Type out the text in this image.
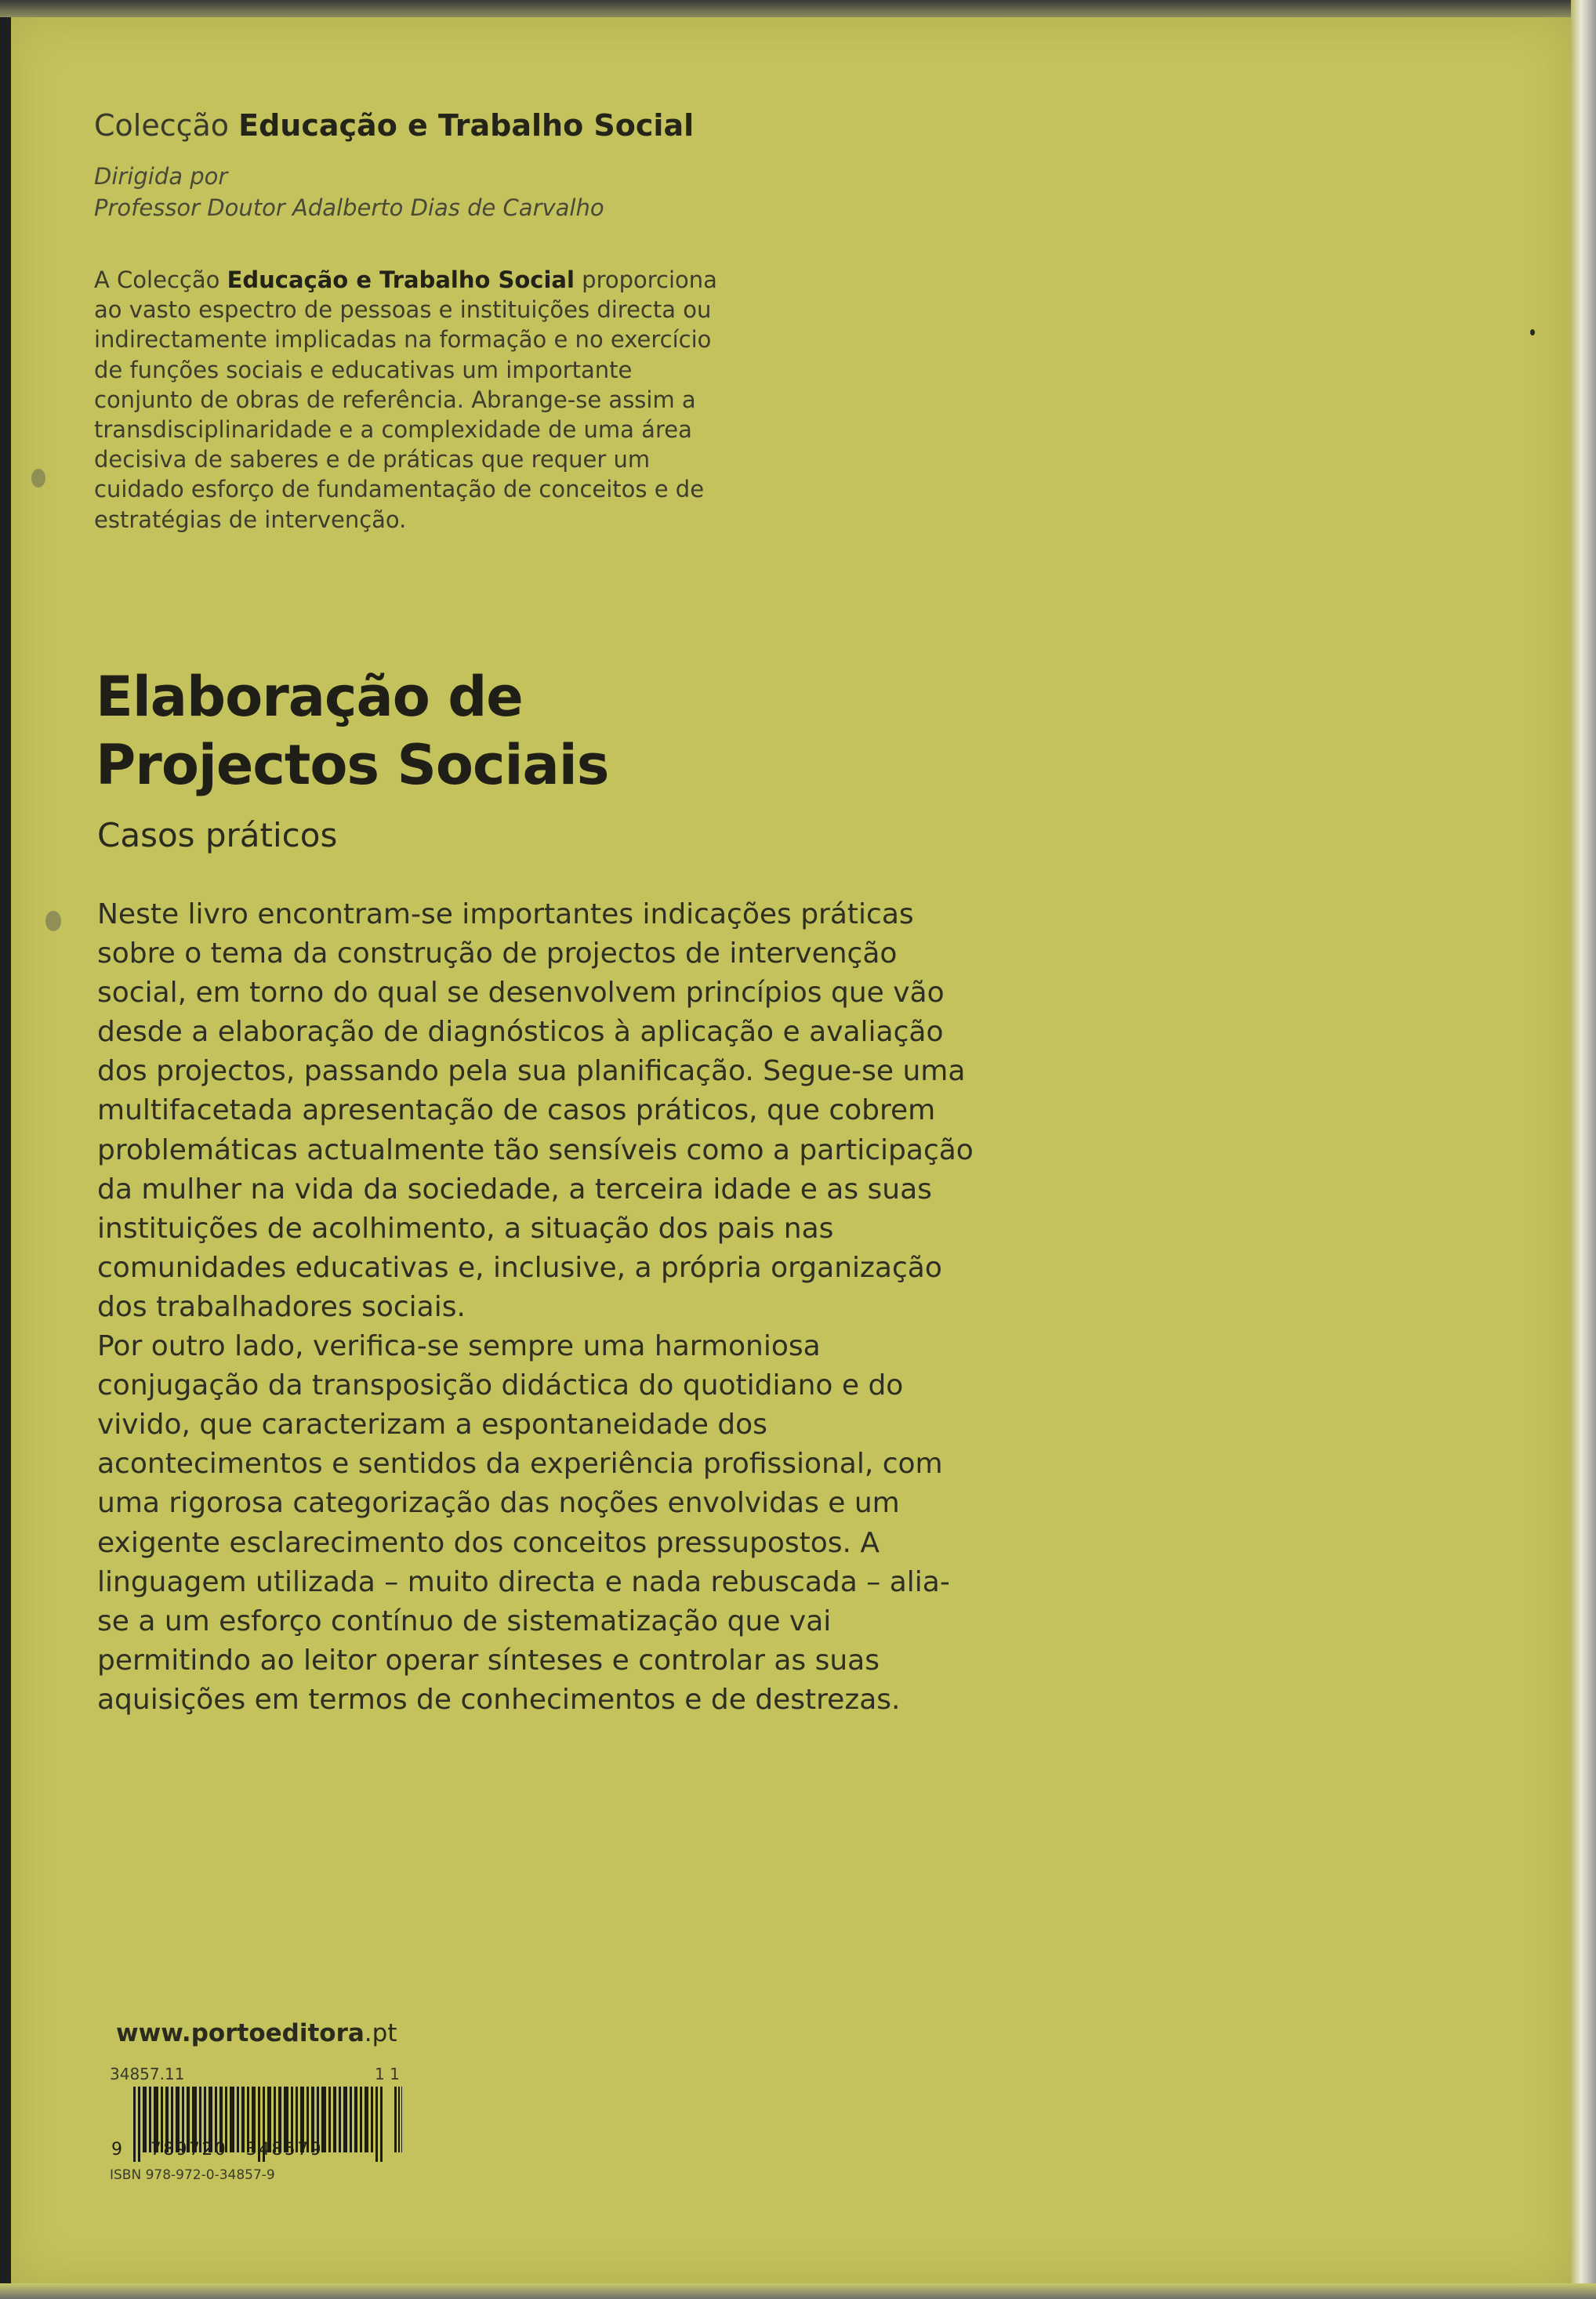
Colecção Educação e Trabalho Social
Dirigida por
Professor Doutor Adalberto Dias de Carvalho
A Colecção Educação e Trabalho Social proporciona ao vasto espectro de pessoas e instituições directa ou indirectamente implicadas na formação e no exercício de funções sociais e educativas um importante conjunto de obras de referência. Abrange-se assim a transdisciplinaridade e a complexidade de uma área decisiva de saberes e de práticas que requer um cuidado esforço de fundamentação de conceitos e de estratégias de intervenção.
Elaboração de
Projectos Sociais
Casos práticos

Neste livro encontram-se importantes indicações práticas sobre o tema da construção de projectos de intervenção social, em torno do qual se desenvolvem princípios que vão desde a elaboração de diagnósticos à aplicação e avaliação dos projectos, passando pela sua planificação. Segue-se uma multifacetada apresentação de casos práticos, que cobrem problemáticas actualmente tão sensíveis como a participação da mulher na vida da sociedade, a terceira idade e as suas instituições de acolhimento, a situação dos pais nas comunidades educativas e, inclusive, a própria organização dos trabalhadores sociais.

Por outro lado, verifica-se sempre uma harmoniosa conjugação da transposição didáctica do quotidiano e do vivido, que caracterizam a espontaneidade dos acontecimentos e sentidos da experiência profissional, com uma rigorosa categorização das noções envolvidas e um exigente esclarecimento dos conceitos pressupostos. A linguagem utilizada – muito directa e nada rebuscada – alia-se a um esforço contínuo de sistematização que vai permitindo ao leitor operar sínteses e controlar as suas aquisições em termos de conhecimentos e de destrezas.

www.portoeditora.pt
34857.11	1 1
9 789720 348579
ISBN 978-972-0-34857-9
